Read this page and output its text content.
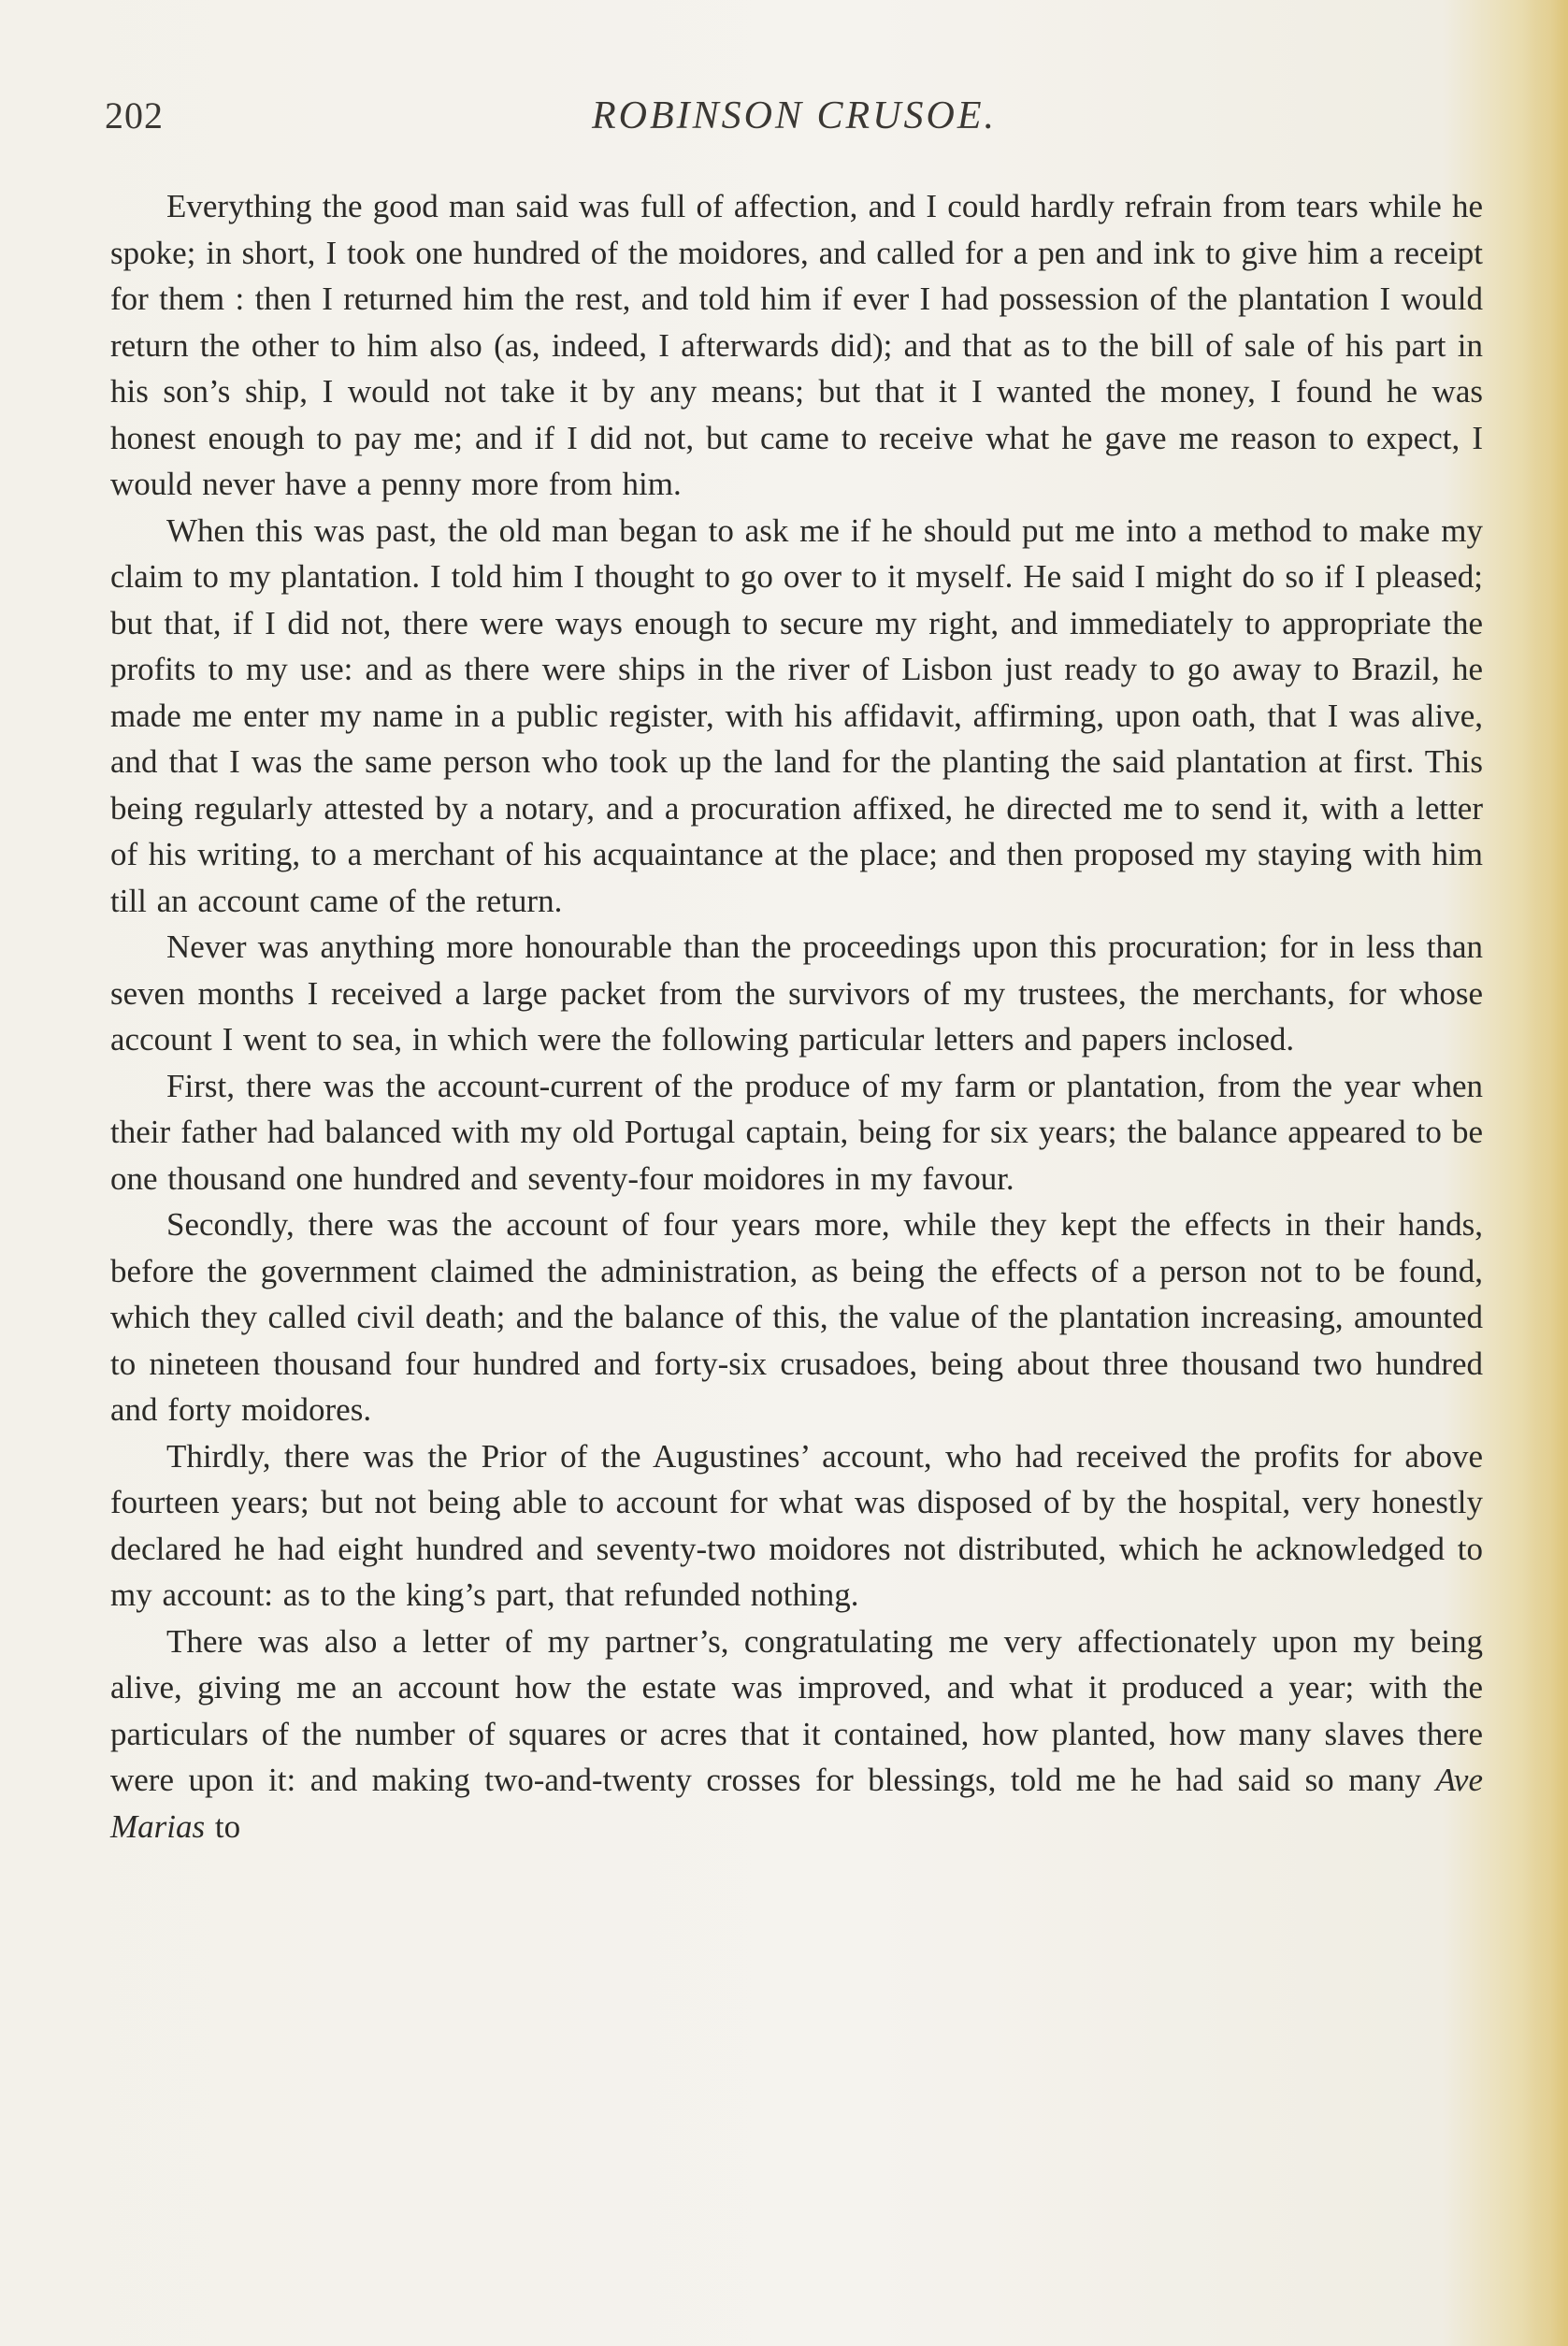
202	ROBINSON CRUSOE.

Everything the good man said was full of affection, and I could hardly refrain from tears while he spoke; in short, I took one hundred of the moidores, and called for a pen and ink to give him a receipt for them : then I returned him the rest, and told him if ever I had possession of the plantation I would return the other to him also (as, indeed, I afterwards did); and that as to the bill of sale of his part in his son’s ship, I would not take it by any means; but that it I wanted the money, I found he was honest enough to pay me; and if I did not, but came to receive what he gave me reason to expect, I would never have a penny more from him.

When this was past, the old man began to ask me if he should put me into a method to make my claim to my plantation. I told him I thought to go over to it myself. He said I might do so if I pleased; but that, if I did not, there were ways enough to secure my right, and immediately to appropriate the profits to my use: and as there were ships in the river of Lisbon just ready to go away to Brazil, he made me enter my name in a public register, with his affidavit, affirming, upon oath, that I was alive, and that I was the same person who took up the land for the planting the said plantation at first. This being regularly attested by a notary, and a procuration affixed, he directed me to send it, with a letter of his writing, to a merchant of his acquaintance at the place; and then proposed my staying with him till an account came of the return.

Never was anything more honourable than the proceedings upon this procuration; for in less than seven months I received a large packet from the survivors of my trustees, the merchants, for whose account I went to sea, in which were the following particular letters and papers inclosed.

First, there was the account-current of the produce of my farm or plantation, from the year when their father had balanced with my old Portugal captain, being for six years; the balance appeared to be one thousand one hundred and seventy-four moidores in my favour.

Secondly, there was the account of four years more, while they kept the effects in their hands, before the government claimed the administration, as being the effects of a person not to be found, which they called civil death; and the balance of this, the value of the plantation increasing, amounted to nineteen thousand four hundred and forty-six crusadoes, being about three thousand two hundred and forty moidores.

Thirdly, there was the Prior of the Augustines’ account, who had received the profits for above fourteen years; but not being able to account for what was disposed of by the hospital, very honestly declared he had eight hundred and seventy-two moidores not distributed, which he acknowledged to my account: as to the king’s part, that refunded nothing.

There was also a letter of my partner’s, congratulating me very affectionately upon my being alive, giving me an account how the estate was improved, and what it produced a year; with the particulars of the number of squares or acres that it contained, how planted, how many slaves there were upon it: and making two-and-twenty crosses for blessings, told me he had said so many Ave Marias to
